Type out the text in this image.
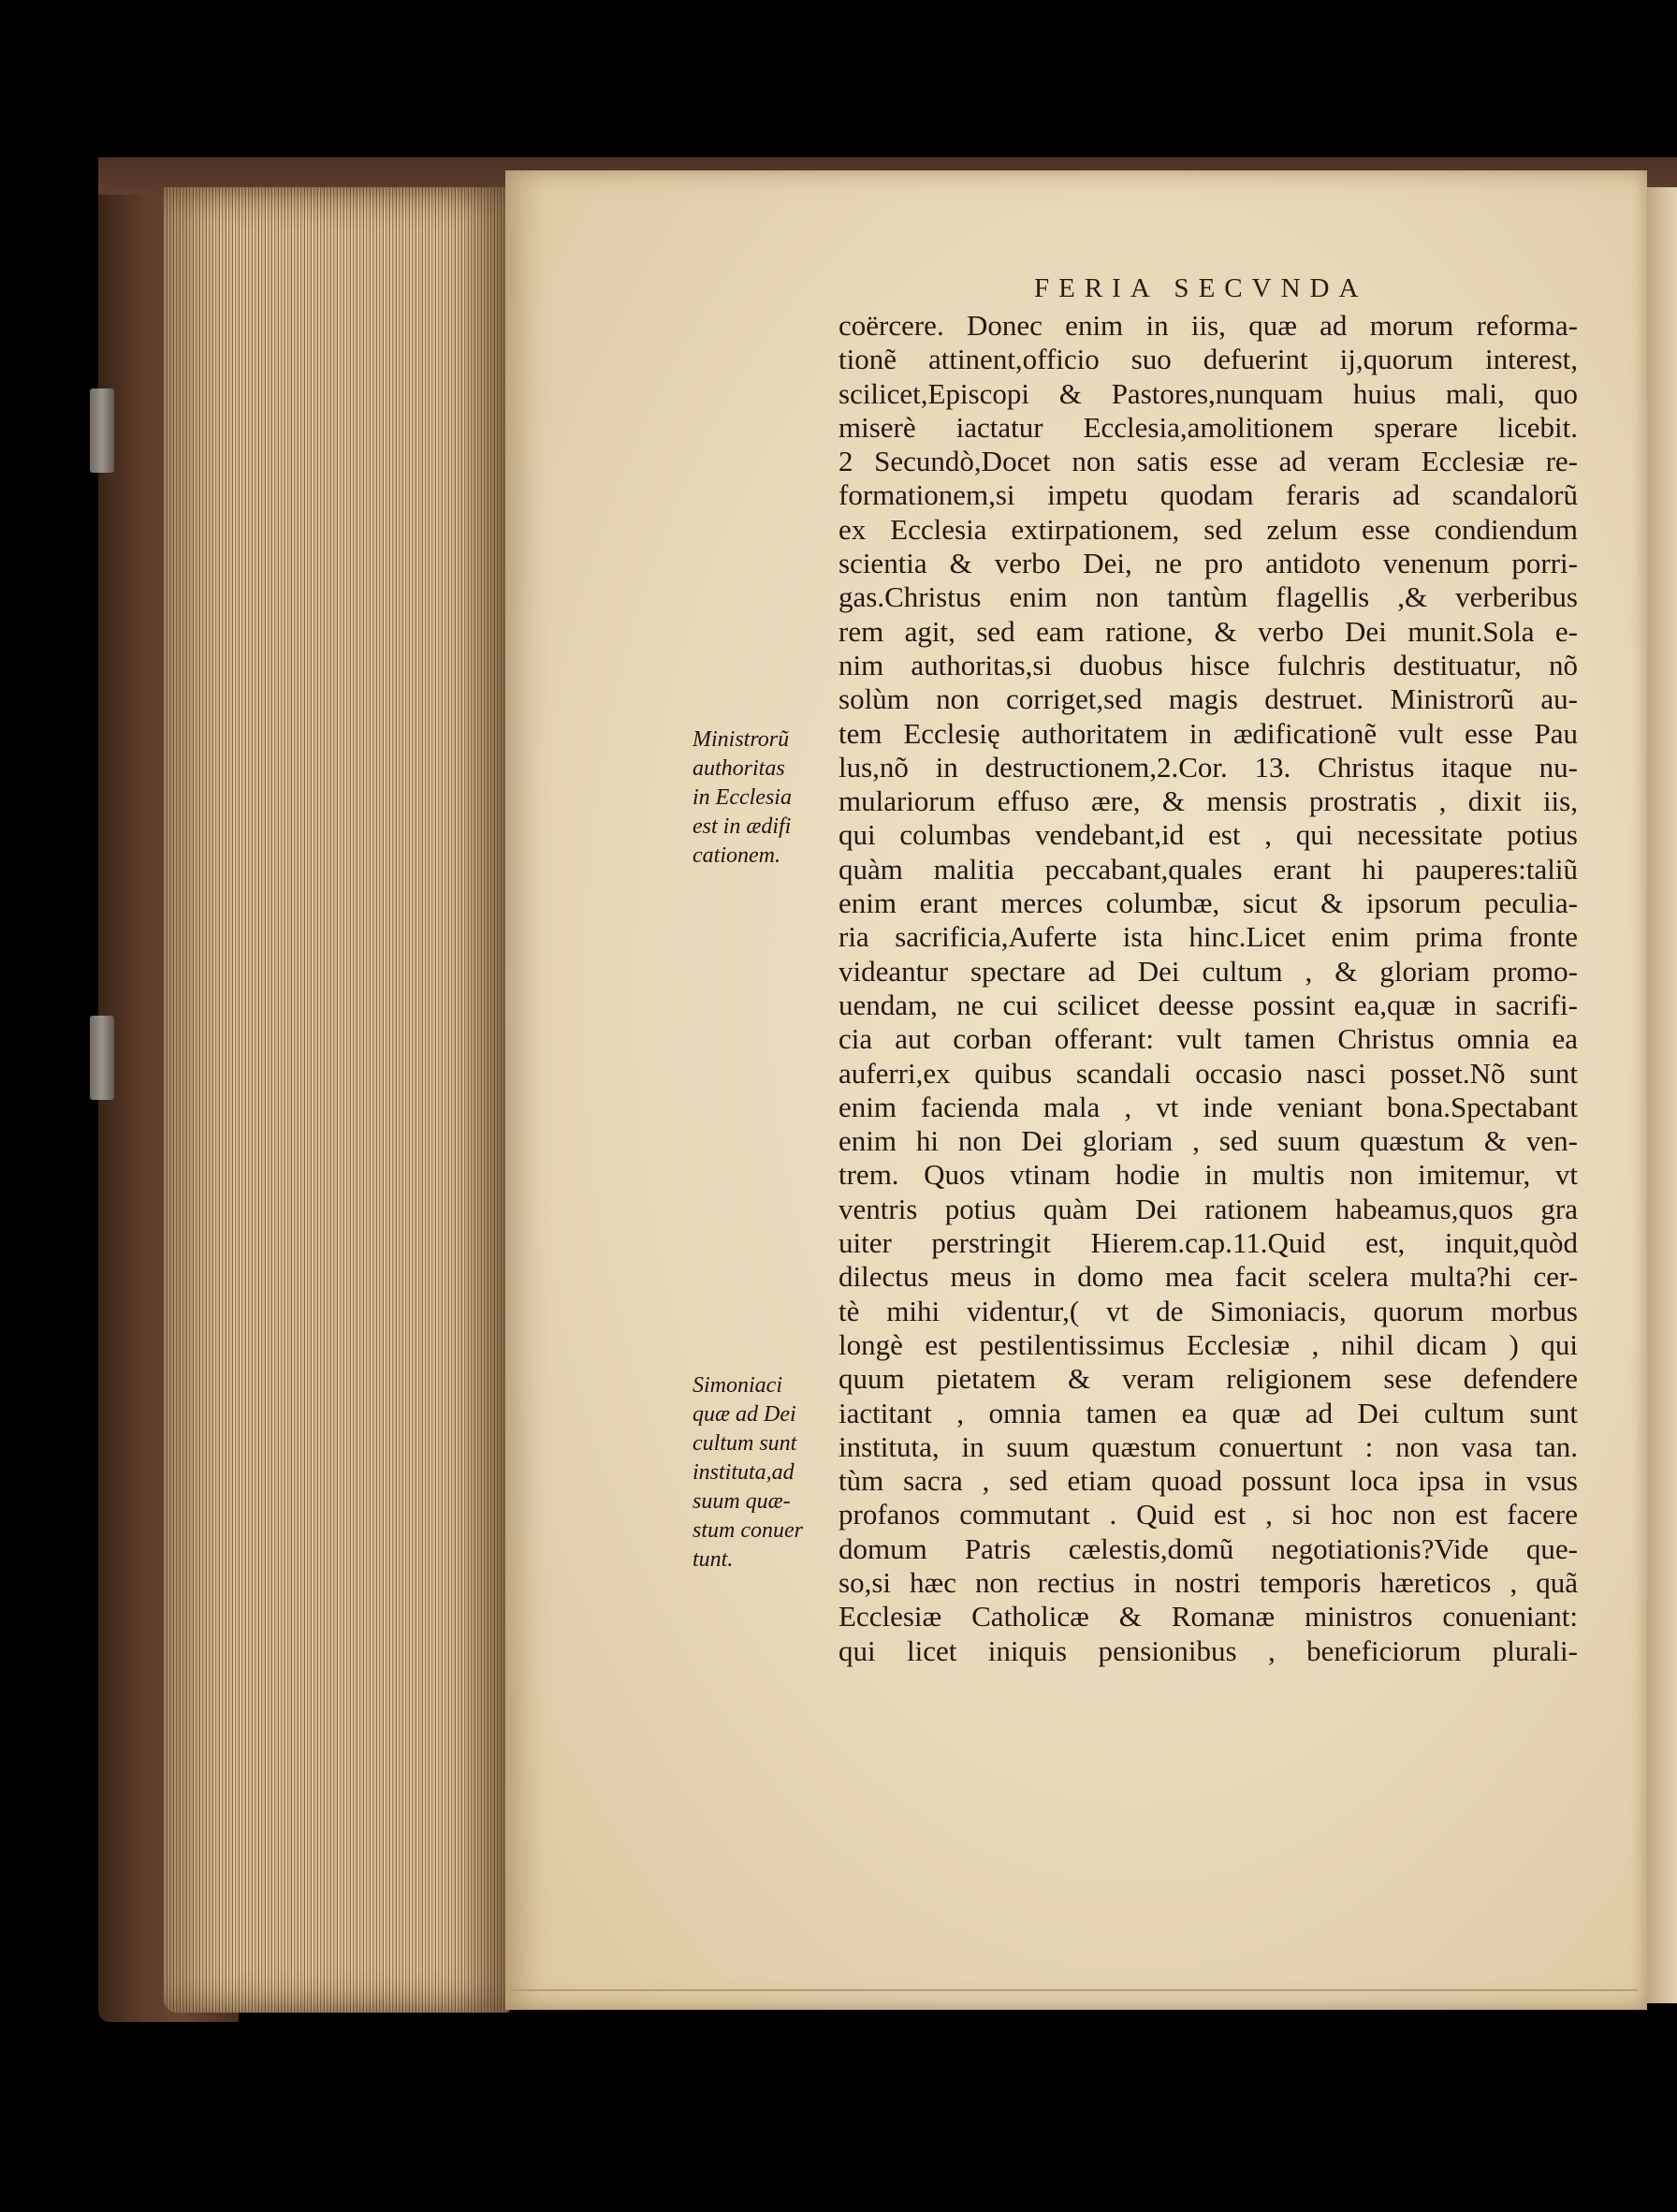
FERIA SECVNDA
coërcere. Donec enim in iis, quæ ad morum reforma-
tionẽ attinent,officio suo defuerint ij,quorum interest,
scilicet,Episcopi & Pastores,nunquam huius mali, quo
miserè iactatur Ecclesia,amolitionem sperare licebit.
2 Secundò,Docet non satis esse ad veram Ecclesiæ re-
formationem,si impetu quodam feraris ad scandalorũ
ex Ecclesia extirpationem, sed zelum esse condiendum
scientia & verbo Dei, ne pro antidoto venenum porri-
gas.Christus enim non tantùm flagellis ,& verberibus
rem agit, sed eam ratione, & verbo Dei munit.Sola e-
nim authoritas,si duobus hisce fulchris destituatur, nõ
solùm non corriget,sed magis destruet. Ministrorũ au-
tem Ecclesię authoritatem in ædificationẽ vult esse Pau
lus,nõ in destructionem,2.Cor. 13. Christus itaque nu-
mulariorum effuso ære, & mensis prostratis , dixit iis,
qui columbas vendebant,id est , qui necessitate potius
quàm malitia peccabant,quales erant hi pauperes:taliũ
enim erant merces columbæ, sicut & ipsorum peculia-
ria sacrificia,Auferte ista hinc.Licet enim prima fronte
videantur spectare ad Dei cultum , & gloriam promo-
uendam, ne cui scilicet deesse possint ea,quæ in sacrifi-
cia aut corban offerant: vult tamen Christus omnia ea
auferri,ex quibus scandali occasio nasci posset.Nõ sunt
enim facienda mala , vt inde veniant bona.Spectabant
enim hi non Dei gloriam , sed suum quæstum & ven-
trem. Quos vtinam hodie in multis non imitemur, vt
ventris potius quàm Dei rationem habeamus,quos gra
uiter perstringit Hierem.cap.11.Quid est, inquit,quòd
dilectus meus in domo mea facit scelera multa?hi cer-
tè mihi videntur,( vt de Simoniacis, quorum morbus
longè est pestilentissimus Ecclesiæ , nihil dicam ) qui
quum pietatem & veram religionem sese defendere
iactitant , omnia tamen ea quæ ad Dei cultum sunt
instituta, in suum quæstum conuertunt : non vasa tan.
tùm sacra , sed etiam quoad possunt loca ipsa in vsus
profanos commutant . Quid est , si hoc non est facere
domum Patris cælestis,domũ negotiationis?Vide que-
so,si hæc non rectius in nostri temporis hæreticos , quã
Ecclesiæ Catholicæ & Romanæ ministros conueniant:
qui licet iniquis pensionibus , beneficiorum plurali-
Ministrorũ
authoritas
in Ecclesia
est in ædifi
cationem.
Simoniaci
quæ ad Dei
cultum sunt
instituta,ad
suum quæ-
stum conuer
tunt.
